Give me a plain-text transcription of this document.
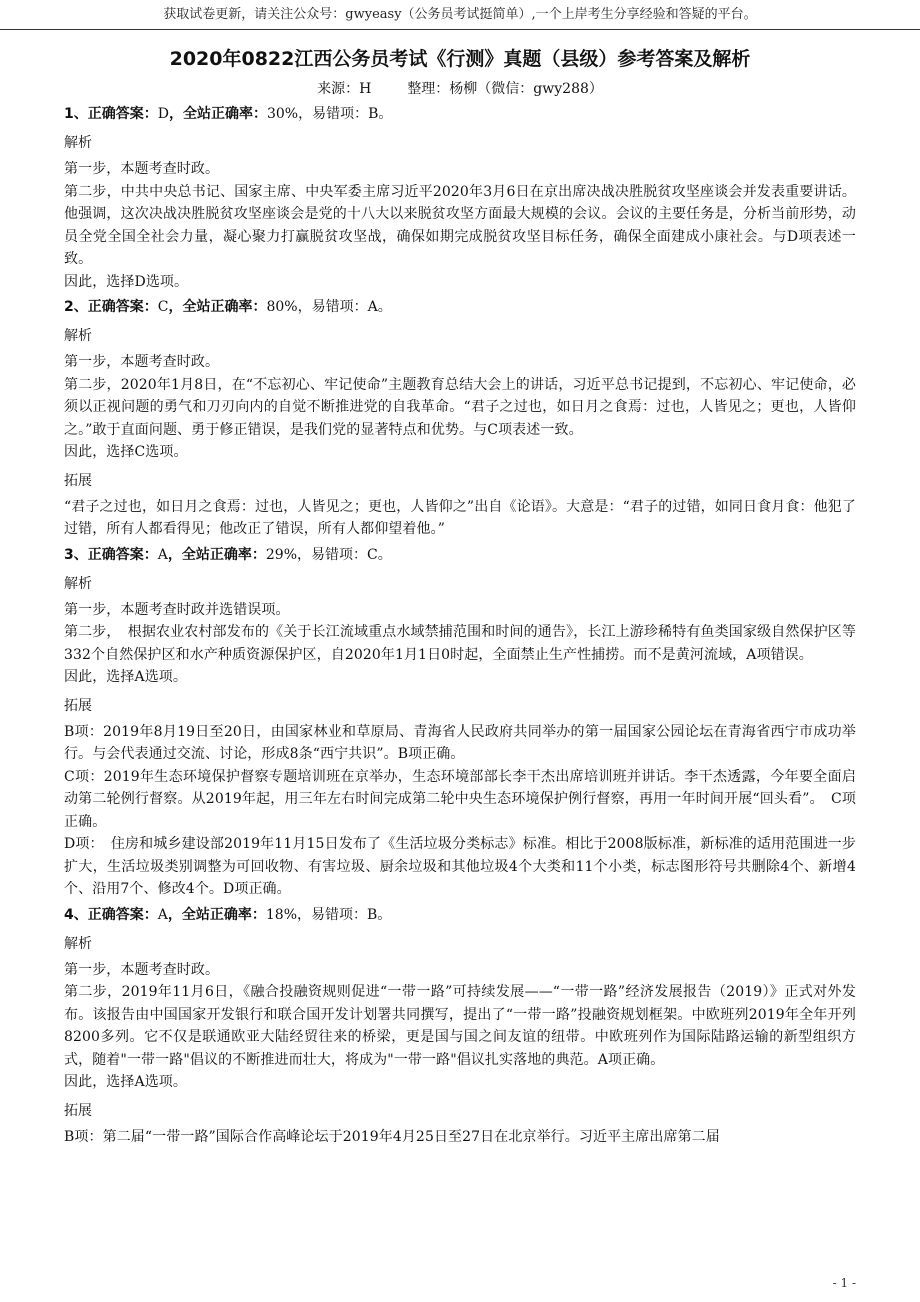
获取试卷更新，请关注公众号：gwyeasy（公务员考试挺简单）,一个上岸考生分享经验和答疑的平台。
2020年0822江西公务员考试《行测》真题（县级）参考答案及解析
来源：H	整理：杨柳（微信：gwy288）
1、正确答案：D，全站正确率：30%，易错项：B。
解析

第一步，本题考查时政。

第二步，中共中央总书记、国家主席、中央军委主席习近平2020年3月6日在京出席决战决胜脱贫攻坚座谈会并发表重要讲话。他强调，这次决战决胜脱贫攻坚座谈会是党的十八大以来脱贫攻坚方面最大规模的会议。会议的主要任务是，分析当前形势，动员全党全国全社会力量，凝心聚力打赢脱贫攻坚战，确保如期完成脱贫攻坚目标任务，确保全面建成小康社会。与D项表述一致。

因此，选择D选项。

2、正确答案：C，全站正确率：80%，易错项：A。
解析

第一步，本题考查时政。

第二步，2020年1月8日，在“不忘初心、牢记使命”主题教育总结大会上的讲话，习近平总书记提到，不忘初心、牢记使命，必须以正视问题的勇气和刀刃向内的自觉不断推进党的自我革命。“君子之过也，如日月之食焉：过也，人皆见之；更也，人皆仰之。”敢于直面问题、勇于修正错误，是我们党的显著特点和优势。与C项表述一致。

因此，选择C选项。

拓展

“君子之过也，如日月之食焉：过也，人皆见之；更也，人皆仰之”出自《论语》。大意是：“君子的过错，如同日食月食：他犯了过错，所有人都看得见；他改正了错误，所有人都仰望着他。”

3、正确答案：A，全站正确率：29%，易错项：C。
解析

第一步，本题考查时政并选错误项。

第二步，　根据农业农村部发布的《关于长江流域重点水域禁捕范围和时间的通告》，长江上游珍稀特有鱼类国家级自然保护区等332个自然保护区和水产种质资源保护区，自2020年1月1日0时起，全面禁止生产性捕捞。而不是黄河流域，A项错误。

因此，选择A选项。

拓展

B项：2019年8月19日至20日，由国家林业和草原局、青海省人民政府共同举办的第一届国家公园论坛在青海省西宁市成功举行。与会代表通过交流、讨论，形成8条“西宁共识”。B项正确。

C项：2019年生态环境保护督察专题培训班在京举办，生态环境部部长李干杰出席培训班并讲话。李干杰透露，今年要全面启动第二轮例行督察。从2019年起，用三年左右时间完成第二轮中央生态环境保护例行督察，再用一年时间开展“回头看”。　C项正确。

D项：　住房和城乡建设部2019年11月15日发布了《生活垃圾分类标志》标准。相比于2008版标准，新标准的适用范围进一步扩大，生活垃圾类别调整为可回收物、有害垃圾、厨余垃圾和其他垃圾4个大类和11个小类，标志图形符号共删除4个、新增4个、沿用7个、修改4个。D项正确。

4、正确答案：A，全站正确率：18%，易错项：B。
解析

第一步，本题考查时政。

第二步，2019年11月6日，《融合投融资规则促进“一带一路”可持续发展——“一带一路”经济发展报告（2019）》正式对外发布。该报告由中国国家开发银行和联合国开发计划署共同撰写，提出了“一带一路”投融资规划框架。中欧班列2019年全年开列8200多列。它不仅是联通欧亚大陆经贸往来的桥梁，更是国与国之间友谊的纽带。中欧班列作为国际陆路运输的新型组织方式，随着"一带一路"倡议的不断推进而壮大，将成为"一带一路"倡议扎实落地的典范。A项正确。

因此，选择A选项。

拓展

B项：第二届“一带一路”国际合作高峰论坛于2019年4月25日至27日在北京举行。习近平主席出席第二届

- 1 -
